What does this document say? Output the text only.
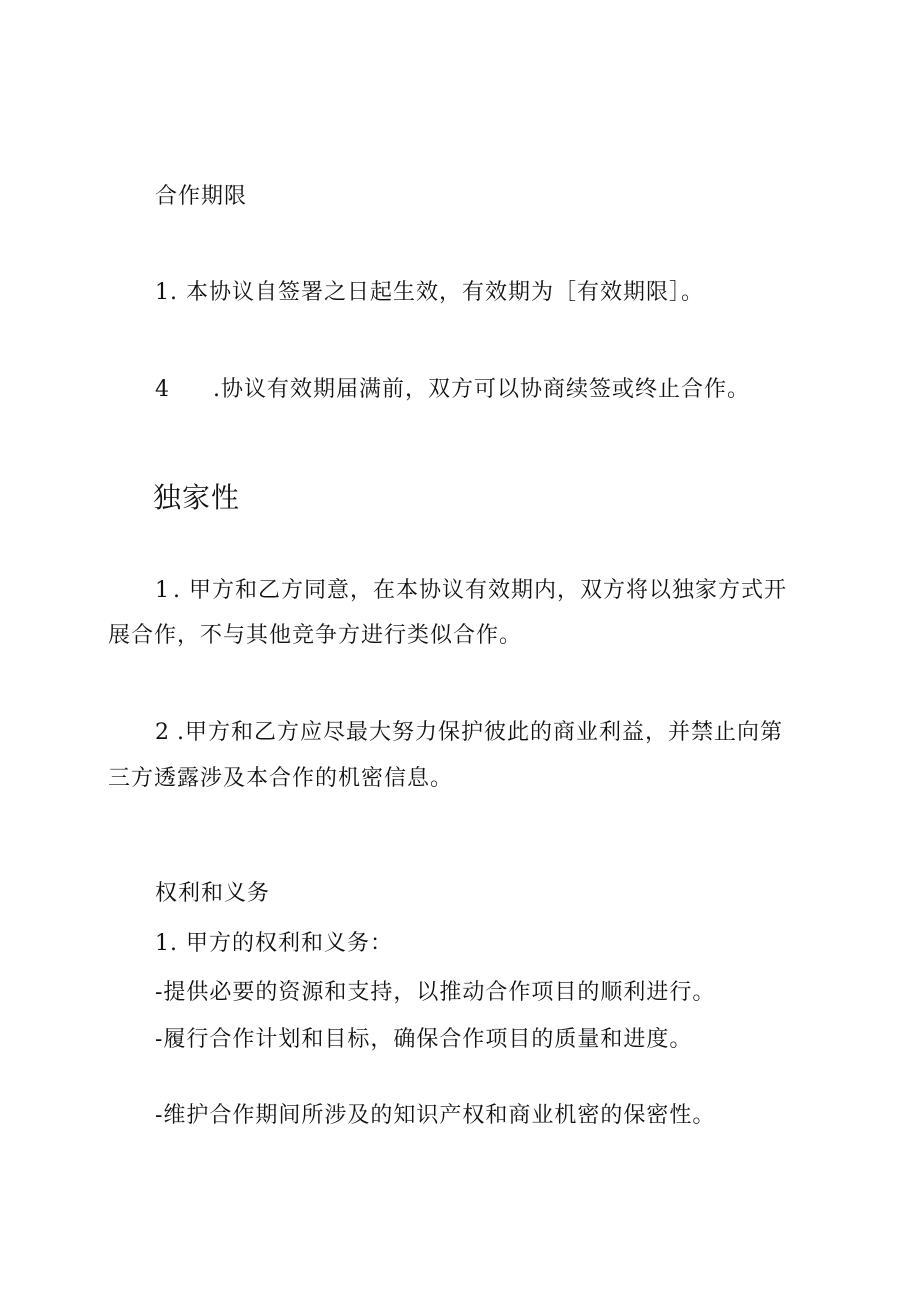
合作期限
1. 本协议自签署之日起生效，有效期为［有效期限］。
4 .协议有效期届满前，双方可以协商续签或终止合作。
独家性
1 . 甲方和乙方同意，在本协议有效期内，双方将以独家方式开
展合作，不与其他竞争方进行类似合作。
2 .甲方和乙方应尽最大努力保护彼此的商业利益，并禁止向第
三方透露涉及本合作的机密信息。
权利和义务
1. 甲方的权利和义务：
-提供必要的资源和支持，以推动合作项目的顺利进行。
-履行合作计划和目标，确保合作项目的质量和进度。
-维护合作期间所涉及的知识产权和商业机密的保密性。
